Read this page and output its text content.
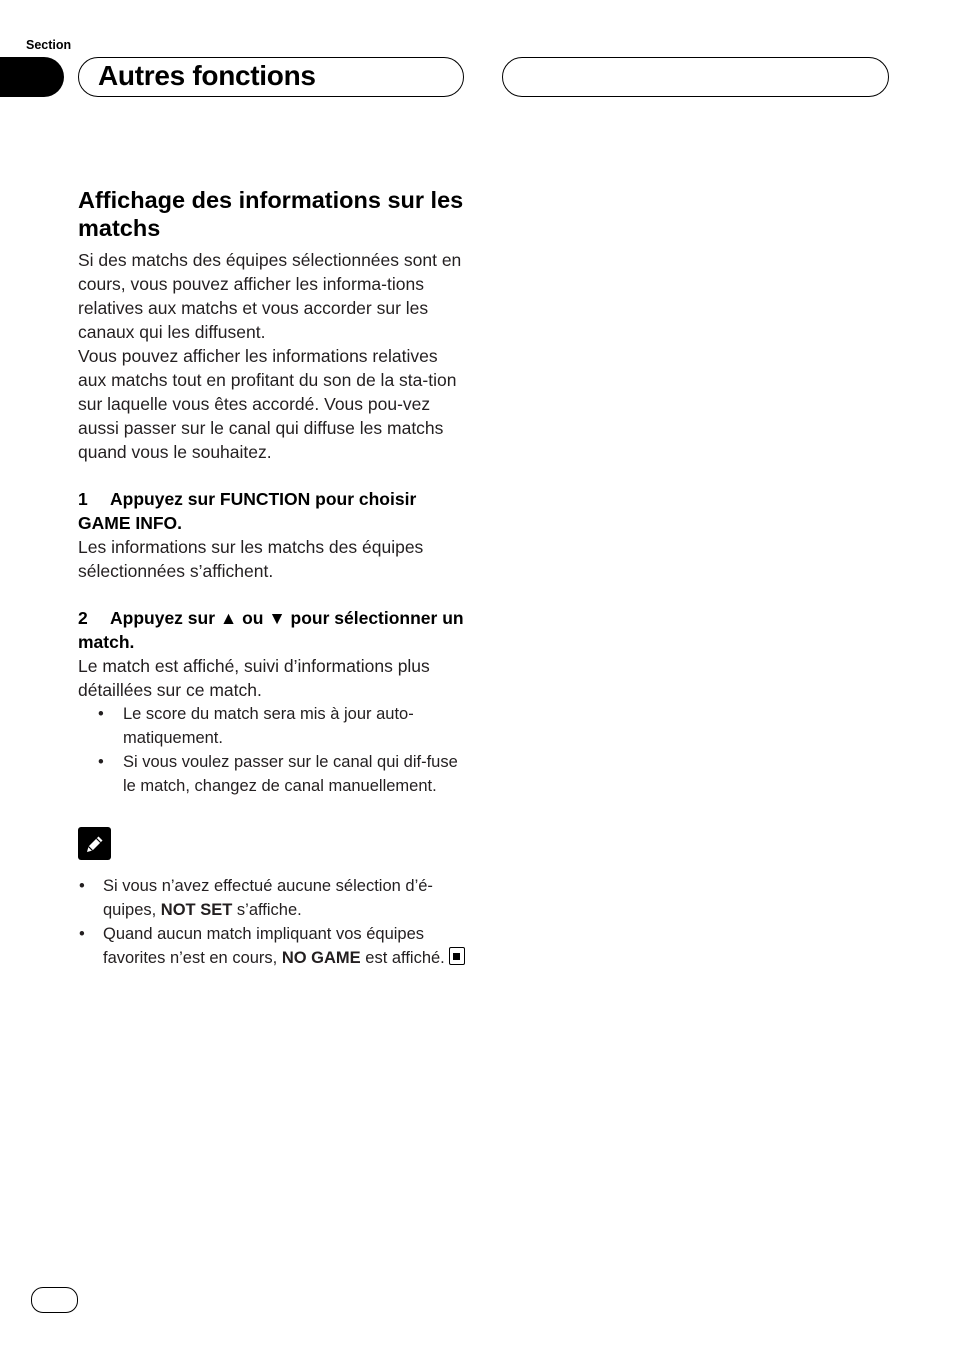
Section
Autres fonctions
Affichage des informations sur les matchs

Si des matchs des équipes sélectionnées sont en cours, vous pouvez afficher les informa-tions relatives aux matchs et vous accorder sur les canaux qui les diffusent.

Vous pouvez afficher les informations relatives aux matchs tout en profitant du son de la sta-tion sur laquelle vous êtes accordé. Vous pou-vez aussi passer sur le canal qui diffuse les matchs quand vous le souhaitez.

1 Appuyez sur FUNCTION pour choisir GAME INFO.

Les informations sur les matchs des équipes sélectionnées s’affichent.

2 Appuyez sur ▲ ou ▼ pour sélectionner un match.

Le match est affiché, suivi d’informations plus détaillées sur ce match.

• Le score du match sera mis à jour auto-matiquement.
• Si vous voulez passer sur le canal qui dif-fuse le match, changez de canal manuellement.
• Si vous n’avez effectué aucune sélection d’é-quipes, NOT SET s’affiche.
• Quand aucun match impliquant vos équipes favorites n’est en cours, NO GAME est affiché.
